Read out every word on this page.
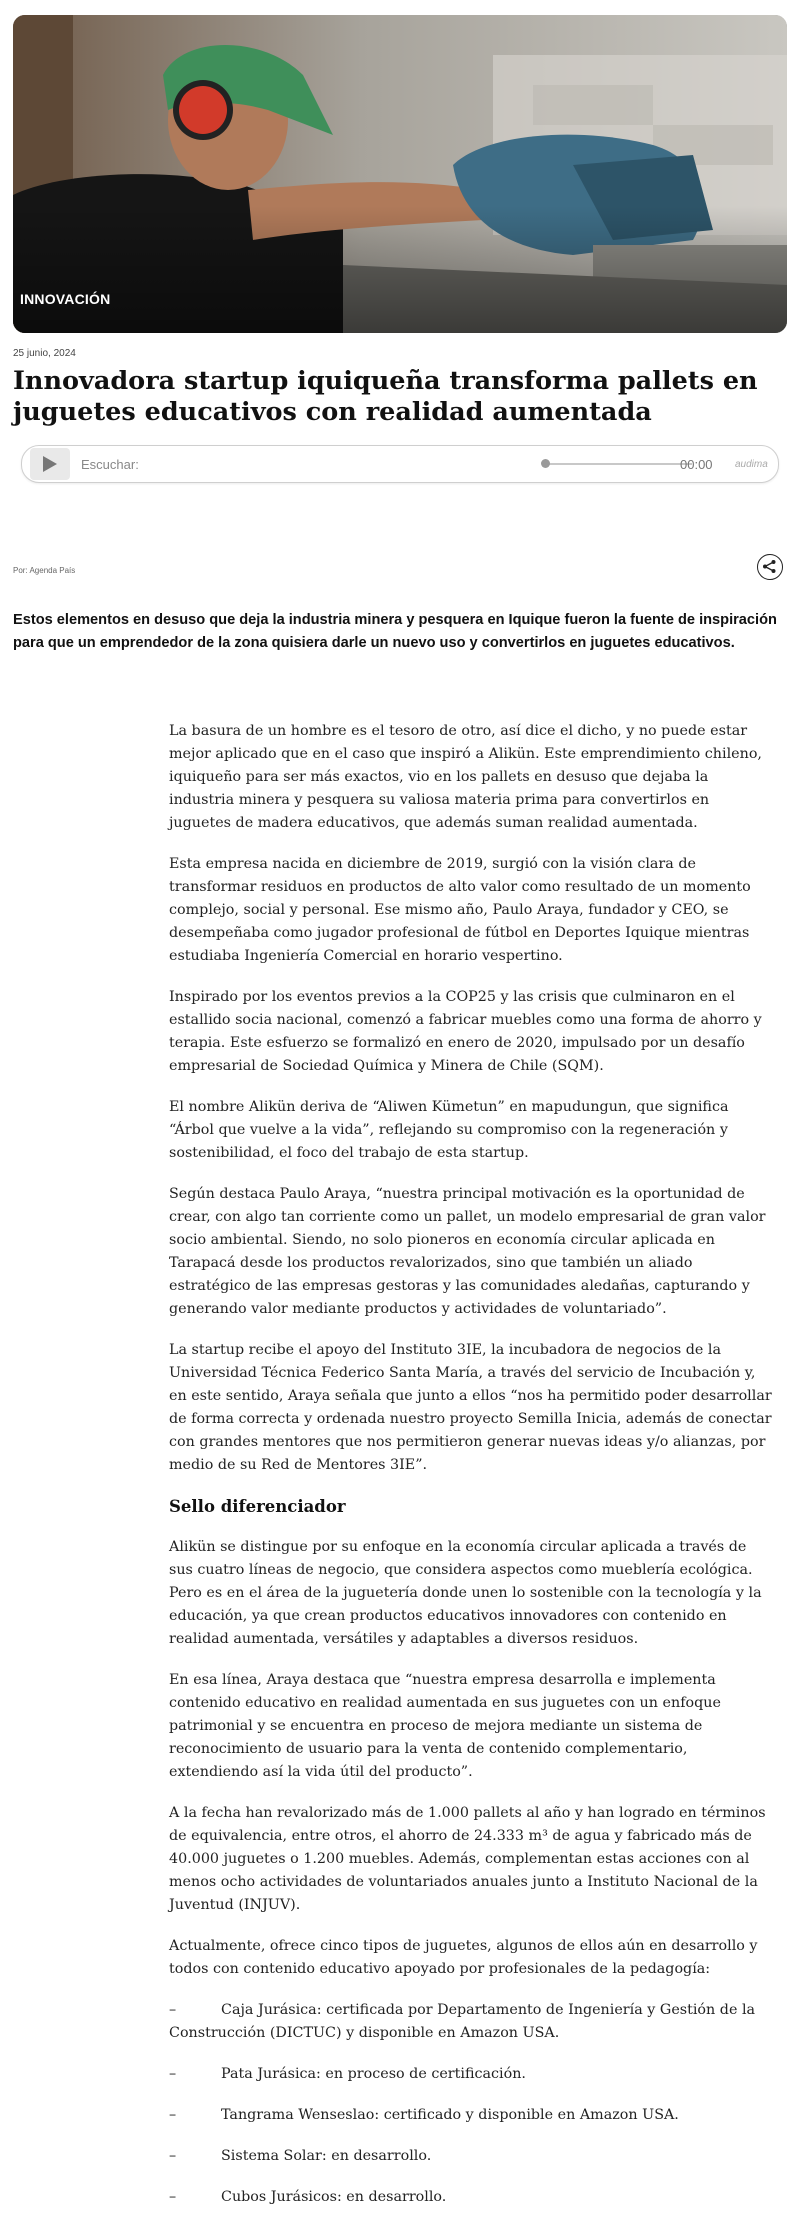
INNOVACIÓN
25 junio, 2024
Innovadora startup iquiqueña transforma pallets en juguetes educativos con realidad aumentada
Escuchar:	00:00 audima
Por: Agenda País

Estos elementos en desuso que deja la industria minera y pesquera en Iquique fueron la fuente de inspiración para que un emprendedor de la zona quisiera darle un nuevo uso y convertirlos en juguetes educativos.

La basura de un hombre es el tesoro de otro, así dice el dicho, y no puede estar mejor aplicado que en el caso que inspiró a Alikün. Este emprendimiento chileno, iquiqueño para ser más exactos, vio en los pallets en desuso que dejaba la industria minera y pesquera su valiosa materia prima para convertirlos en juguetes de madera educativos, que además suman realidad aumentada.

Esta empresa nacida en diciembre de 2019, surgió con la visión clara de transformar residuos en productos de alto valor como resultado de un momento complejo, social y personal. Ese mismo año, Paulo Araya, fundador y CEO, se desempeñaba como jugador profesional de fútbol en Deportes Iquique mientras estudiaba Ingeniería Comercial en horario vespertino.

Inspirado por los eventos previos a la COP25 y las crisis que culminaron en el estallido socia nacional, comenzó a fabricar muebles como una forma de ahorro y terapia. Este esfuerzo se formalizó en enero de 2020, impulsado por un desafío empresarial de Sociedad Química y Minera de Chile (SQM).

El nombre Alikün deriva de “Aliwen Kümetun” en mapudungun, que significa “Árbol que vuelve a la vida”, reflejando su compromiso con la regeneración y sostenibilidad, el foco del trabajo de esta startup.

Según destaca Paulo Araya, “nuestra principal motivación es la oportunidad de crear, con algo tan corriente como un pallet, un modelo empresarial de gran valor socio ambiental. Siendo, no solo pioneros en economía circular aplicada en Tarapacá desde los productos revalorizados, sino que también un aliado estratégico de las empresas gestoras y las comunidades aledañas, capturando y generando valor mediante productos y actividades de voluntariado”.

La startup recibe el apoyo del Instituto 3IE, la incubadora de negocios de la Universidad Técnica Federico Santa María, a través del servicio de Incubación y, en este sentido, Araya señala que junto a ellos “nos ha permitido poder desarrollar de forma correcta y ordenada nuestro proyecto Semilla Inicia, además de conectar con grandes mentores que nos permitieron generar nuevas ideas y/o alianzas, por medio de su Red de Mentores 3IE”.

Sello diferenciador

Alikün se distingue por su enfoque en la economía circular aplicada a través de sus cuatro líneas de negocio, que considera aspectos como mueblería ecológica. Pero es en el área de la juguetería donde unen lo sostenible con la tecnología y la educación, ya que crean productos educativos innovadores con contenido en realidad aumentada, versátiles y adaptables a diversos residuos.

En esa línea, Araya destaca que “nuestra empresa desarrolla e implementa contenido educativo en realidad aumentada en sus juguetes con un enfoque patrimonial y se encuentra en proceso de mejora mediante un sistema de reconocimiento de usuario para la venta de contenido complementario, extendiendo así la vida útil del producto”.

A la fecha han revalorizado más de 1.000 pallets al año y han logrado en términos de equivalencia, entre otros, el ahorro de 24.333 m³ de agua y fabricado más de 40.000 juguetes o 1.200 muebles. Además, complementan estas acciones con al menos ocho actividades de voluntariados anuales junto a Instituto Nacional de la Juventud (INJUV).

Actualmente, ofrece cinco tipos de juguetes, algunos de ellos aún en desarrollo y todos con contenido educativo apoyado por profesionales de la pedagogía:

–	Caja Jurásica: certificada por Departamento de Ingeniería y Gestión de la Construcción (DICTUC) y disponible en Amazon USA.
–	Pata Jurásica: en proceso de certificación.
–	Tangrama Wenseslao: certificado y disponible en Amazon USA.
–	Sistema Solar: en desarrollo.
–	Cubos Jurásicos: en desarrollo.
